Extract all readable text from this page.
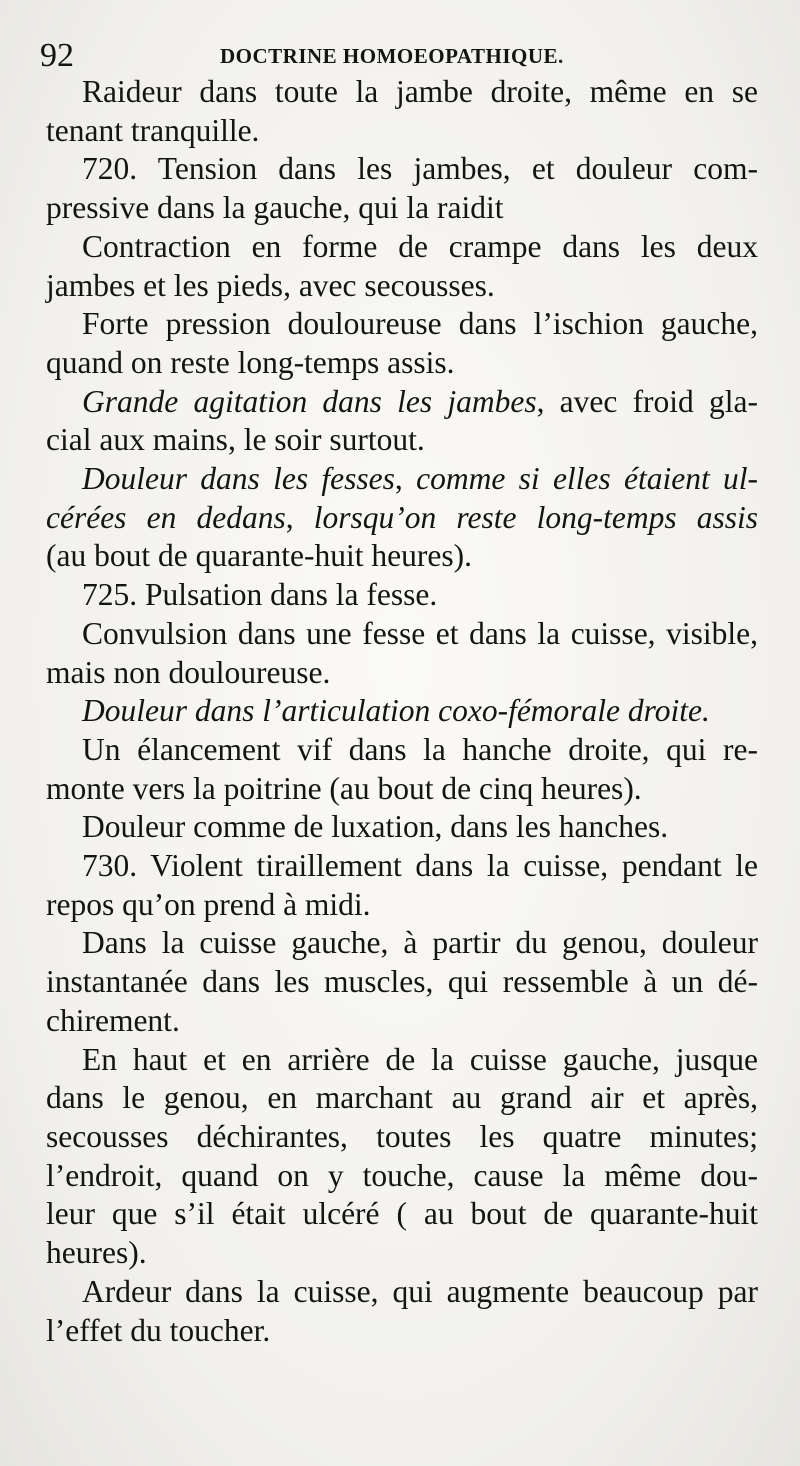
92	DOCTRINE HOMOEOPATHIQUE.
Raideur dans toute la jambe droite, même en se
tenant tranquille.
720. Tension dans les jambes, et douleur com-
pressive dans la gauche, qui la raidit
Contraction en forme de crampe dans les deux
jambes et les pieds, avec secousses.
Forte pression douloureuse dans l’ischion gauche,
quand on reste long-temps assis.
Grande agitation dans les jambes, avec froid gla-
cial aux mains, le soir surtout.
Douleur dans les fesses, comme si elles étaient ul-
cérées en dedans, lorsqu’on reste long-temps assis
(au bout de quarante-huit heures).
725. Pulsation dans la fesse.
Convulsion dans une fesse et dans la cuisse, visible,
mais non douloureuse.
Douleur dans l’articulation coxo-fémorale droite.
Un élancement vif dans la hanche droite, qui re-
monte vers la poitrine (au bout de cinq heures).
Douleur comme de luxation, dans les hanches.
730. Violent tiraillement dans la cuisse, pendant le
repos qu’on prend à midi.
Dans la cuisse gauche, à partir du genou, douleur
instantanée dans les muscles, qui ressemble à un dé-
chirement.
En haut et en arrière de la cuisse gauche, jusque
dans le genou, en marchant au grand air et après,
secousses déchirantes, toutes les quatre minutes;
l’endroit, quand on y touche, cause la même dou-
leur que s’il était ulcéré ( au bout de quarante-huit
heures).
Ardeur dans la cuisse, qui augmente beaucoup par
l’effet du toucher.
